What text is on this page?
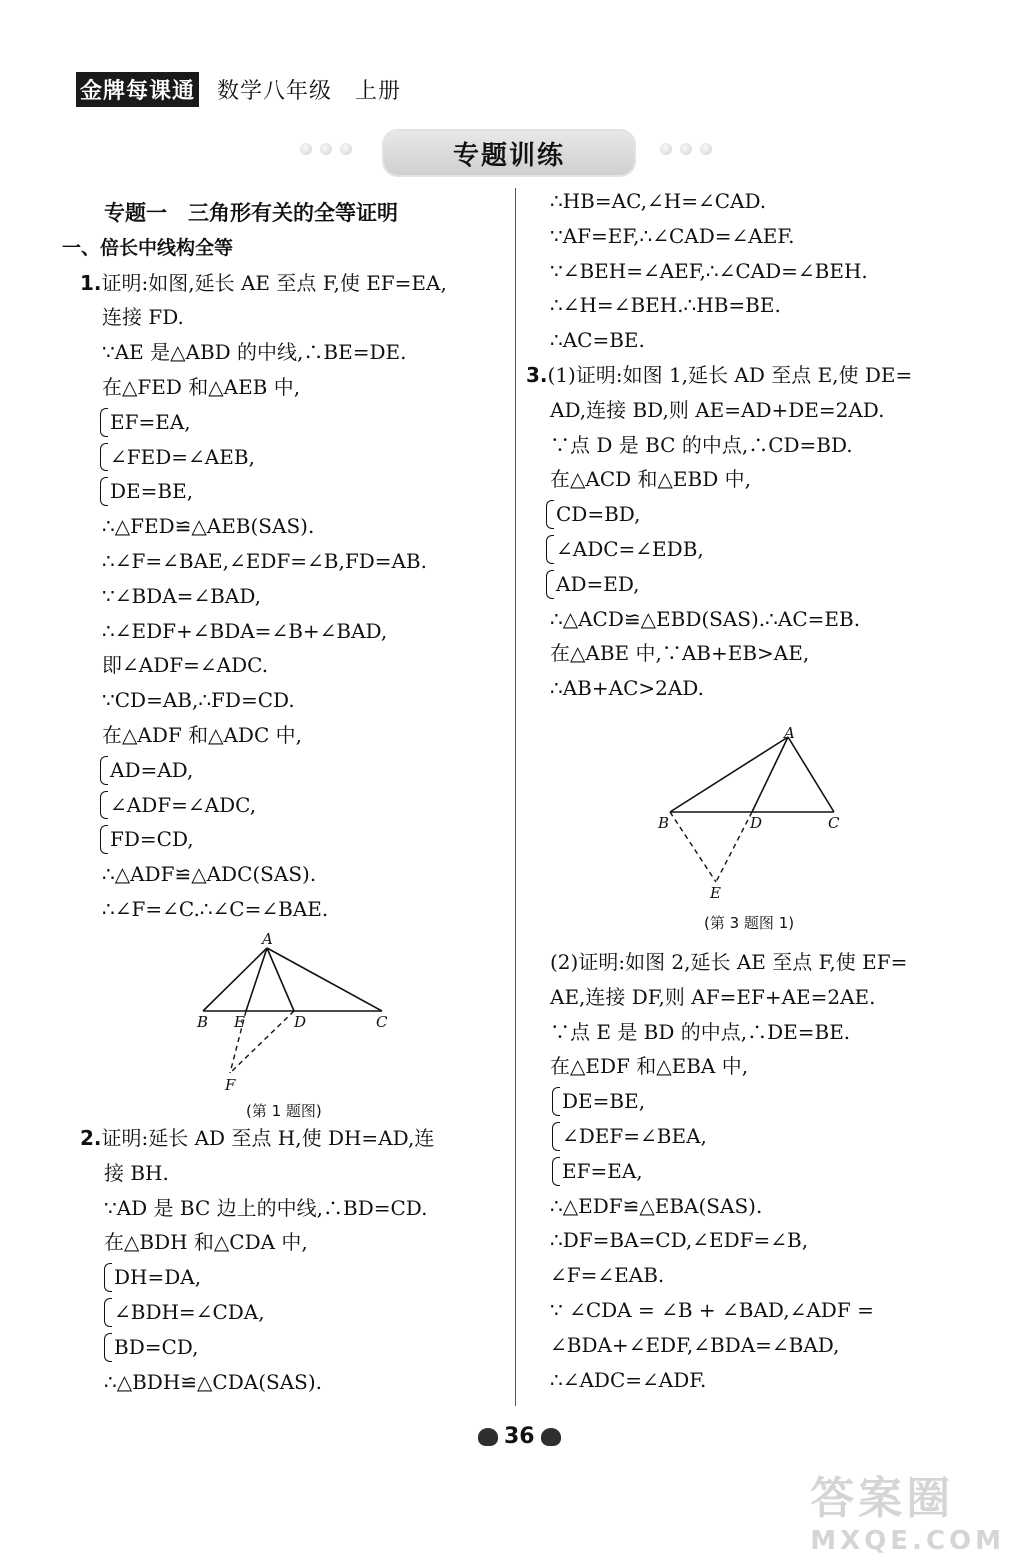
金牌每课通 数学八年级　上册
专题训练
专题一　三角形有关的全等证明
一、倍长中线构全等
1.证明:如图,延长 AE 至点 F,使 EF=EA,
连接 FD.
∵AE 是△ABD 的中线,∴BE=DE.
在△FED 和△AEB 中,
EF=EA,
∠FED=∠AEB,
DE=BE,
∴△FED≌△AEB(SAS).
∴∠F=∠BAE,∠EDF=∠B,FD=AB.
∵∠BDA=∠BAD,
∴∠EDF+∠BDA=∠B+∠BAD,
即∠ADF=∠ADC.
∵CD=AB,∴FD=CD.
在△ADF 和△ADC 中,
AD=AD,
∠ADF=∠ADC,
FD=CD,
∴△ADF≌△ADC(SAS).
∴∠F=∠C.∴∠C=∠BAE.
A
B E	D	C
F
(第 1 题图)
2.证明:延长 AD 至点 H,使 DH=AD,连
接 BH.
∵AD 是 BC 边上的中线,∴BD=CD.
在△BDH 和△CDA 中,
DH=DA,
∠BDH=∠CDA,
BD=CD,
∴△BDH≌△CDA(SAS).
∴HB=AC,∠H=∠CAD.
∵AF=EF,∴∠CAD=∠AEF.
∵∠BEH=∠AEF,∴∠CAD=∠BEH.
∴∠H=∠BEH.∴HB=BE.
∴AC=BE.
3.(1)证明:如图 1,延长 AD 至点 E,使 DE=
AD,连接 BD,则 AE=AD+DE=2AD.
∵点 D 是 BC 的中点,∴CD=BD.
在△ACD 和△EBD 中,
CD=BD,
∠ADC=∠EDB,
AD=ED,
∴△ACD≌△EBD(SAS).∴AC=EB.
在△ABE 中,∵AB+EB>AE,
∴AB+AC>2AD.
A
B	D	C
E
(第 3 题图 1)
(2)证明:如图 2,延长 AE 至点 F,使 EF=
AE,连接 DF,则 AF=EF+AE=2AE.
∵点 E 是 BD 的中点,∴DE=BE.
在△EDF 和△EBA 中,
DE=BE,
∠DEF=∠BEA,
EF=EA,
∴△EDF≌△EBA(SAS).
∴DF=BA=CD,∠EDF=∠B,
∠F=∠EAB.
∵ ∠CDA = ∠B + ∠BAD,∠ADF =
∠BDA+∠EDF,∠BDA=∠BAD,
∴∠ADC=∠ADF.
36
答案圈
MXQE.COM
